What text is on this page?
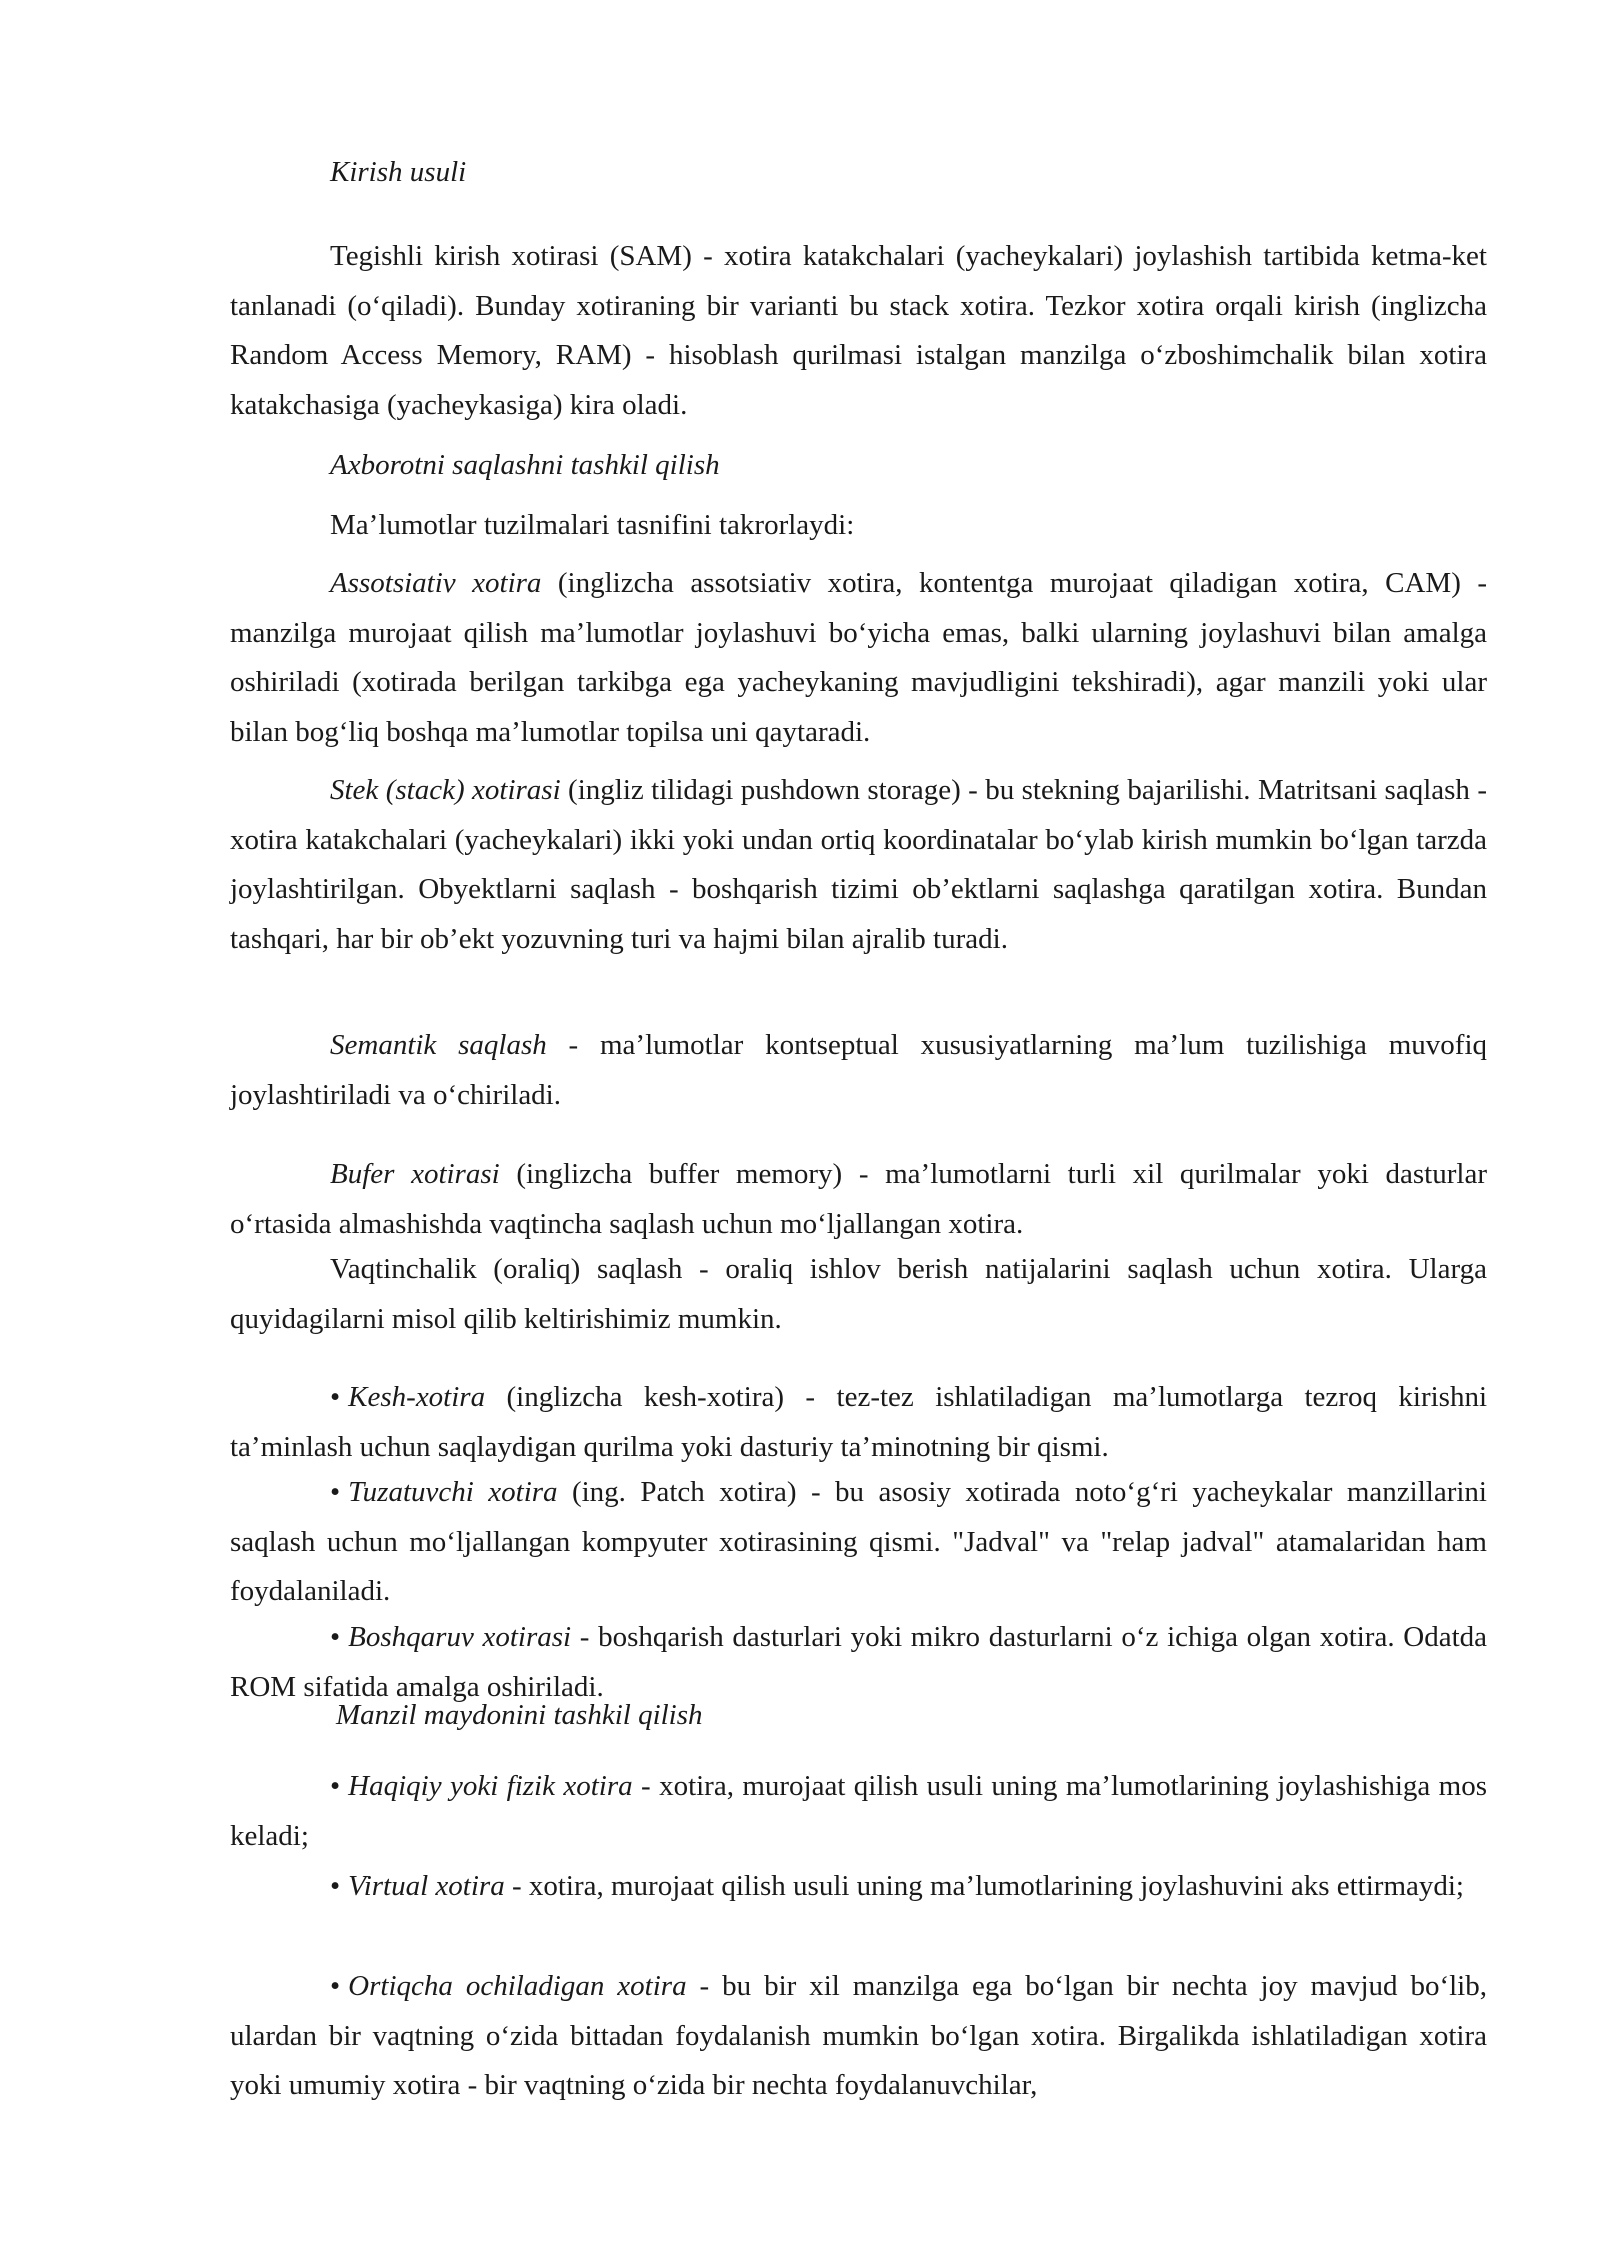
Kirish usuli

Tegishli kirish xotirasi (SAM) - xotira katakchalari (yacheykalari) joylashish tartibida ketma-ket tanlanadi (oʻqiladi). Bunday xotiraning bir varianti bu stack xotira. Tezkor xotira orqali kirish (inglizcha Random Access Memory, RAM) - hisoblash qurilmasi istalgan manzilga oʻzboshimchalik bilan xotira katakchasiga (yacheykasiga) kira oladi.

Axborotni saqlashni tashkil qilish

Ma’lumotlar tuzilmalari tasnifini takrorlaydi:

Assotsiativ xotira (inglizcha assotsiativ xotira, kontentga murojaat qiladigan xotira, CAM) - manzilga murojaat qilish ma’lumotlar joylashuvi boʻyicha emas, balki ularning joylashuvi bilan amalga oshiriladi (xotirada berilgan tarkibga ega yacheykaning mavjudligini tekshiradi), agar manzili yoki ular bilan bogʻliq boshqa ma’lumotlar topilsa uni qaytaradi.

Stek (stack) xotirasi (ingliz tilidagi pushdown storage) - bu stekning bajarilishi. Matritsani saqlash - xotira katakchalari (yacheykalari) ikki yoki undan ortiq koordinatalar boʻylab kirish mumkin boʻlgan tarzda joylashtirilgan. Obyektlarni saqlash - boshqarish tizimi ob’ektlarni saqlashga qaratilgan xotira. Bundan tashqari, har bir ob’ekt yozuvning turi va hajmi bilan ajralib turadi.

Semantik saqlash - ma’lumotlar kontseptual xususiyatlarning ma’lum tuzilishiga muvofiq joylashtiriladi va oʻchiriladi.

Bufer xotirasi (inglizcha buffer memory) - ma’lumotlarni turli xil qurilmalar yoki dasturlar oʻrtasida almashishda vaqtincha saqlash uchun moʻljallangan xotira.

Vaqtinchalik (oraliq) saqlash - oraliq ishlov berish natijalarini saqlash uchun xotira. Ularga quyidagilarni misol qilib keltirishimiz mumkin.

• Kesh-xotira (inglizcha kesh-xotira) - tez-tez ishlatiladigan ma’lumotlarga tezroq kirishni ta’minlash uchun saqlaydigan qurilma yoki dasturiy ta’minotning bir qismi.

• Tuzatuvchi xotira (ing. Patch xotira) - bu asosiy xotirada notoʻgʻri yacheykalar manzillarini saqlash uchun moʻljallangan kompyuter xotirasining qismi. "Jadval" va "relap jadval" atamalaridan ham foydalaniladi.

• Boshqaruv xotirasi - boshqarish dasturlari yoki mikro dasturlarni oʻz ichiga olgan xotira. Odatda ROM sifatida amalga oshiriladi.

Manzil maydonini tashkil qilish

• Haqiqiy yoki fizik xotira - xotira, murojaat qilish usuli uning ma’lumotlarining joylashishiga mos keladi;

• Virtual xotira - xotira, murojaat qilish usuli uning ma’lumotlarining joylashuvini aks ettirmaydi;

• Ortiqcha ochiladigan xotira - bu bir xil manzilga ega boʻlgan bir nechta joy mavjud boʻlib, ulardan bir vaqtning oʻzida bittadan foydalanish mumkin boʻlgan xotira. Birgalikda ishlatiladigan xotira yoki umumiy xotira - bir vaqtning oʻzida bir nechta foydalanuvchilar,
